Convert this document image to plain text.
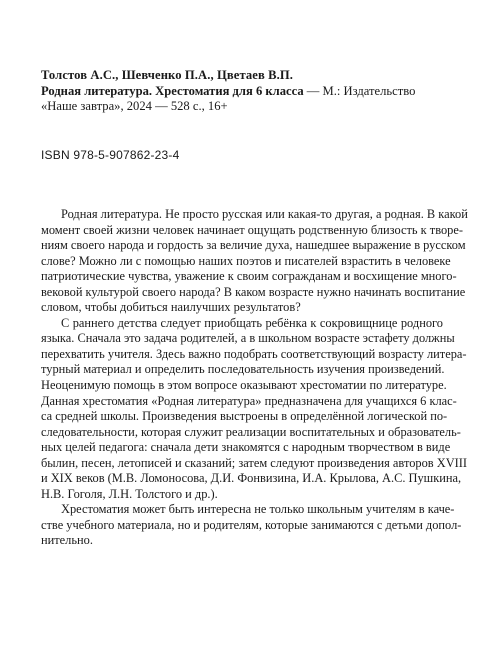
Толстов А.С., Шевченко П.А., Цветаев В.П.
Родная литература. Хрестоматия для 6 класса — М.: Издательство
«Наше завтра», 2024 — 528 с., 16+
ISBN 978-5-907862-23-4
Родная литература. Не просто русская или какая-то другая, а родная. В какой
момент своей жизни человек начинает ощущать родственную близость к творе-
ниям своего народа и гордость за величие духа, нашедшее выражение в русском
слове? Можно ли с помощью наших поэтов и писателей взрастить в человеке
патриотические чувства, уважение к своим согражданам и восхищение много-
вековой культурой своего народа? В каком возрасте нужно начинать воспитание
словом, чтобы добиться наилучших результатов?
С раннего детства следует приобщать ребёнка к сокровищнице родного
языка. Сначала это задача родителей, а в школьном возрасте эстафету должны
перехватить учителя. Здесь важно подобрать соответствующий возрасту литера-
турный материал и определить последовательность изучения произведений.
Неоценимую помощь в этом вопросе оказывают хрестоматии по литературе.
Данная хрестоматия «Родная литература» предназначена для учащихся 6 клас-
са средней школы. Произведения выстроены в определённой логической по-
следовательности, которая служит реализации воспитательных и образователь-
ных целей педагога: сначала дети знакомятся с народным творчеством в виде
былин, песен, летописей и сказаний; затем следуют произведения авторов XVIII
и XIX веков (М.В. Ломоносова, Д.И. Фонвизина, И.А. Крылова, А.С. Пушкина,
Н.В. Гоголя, Л.Н. Толстого и др.).
Хрестоматия может быть интересна не только школьным учителям в каче-
стве учебного материала, но и родителям, которые занимаются с детьми допол-
нительно.
